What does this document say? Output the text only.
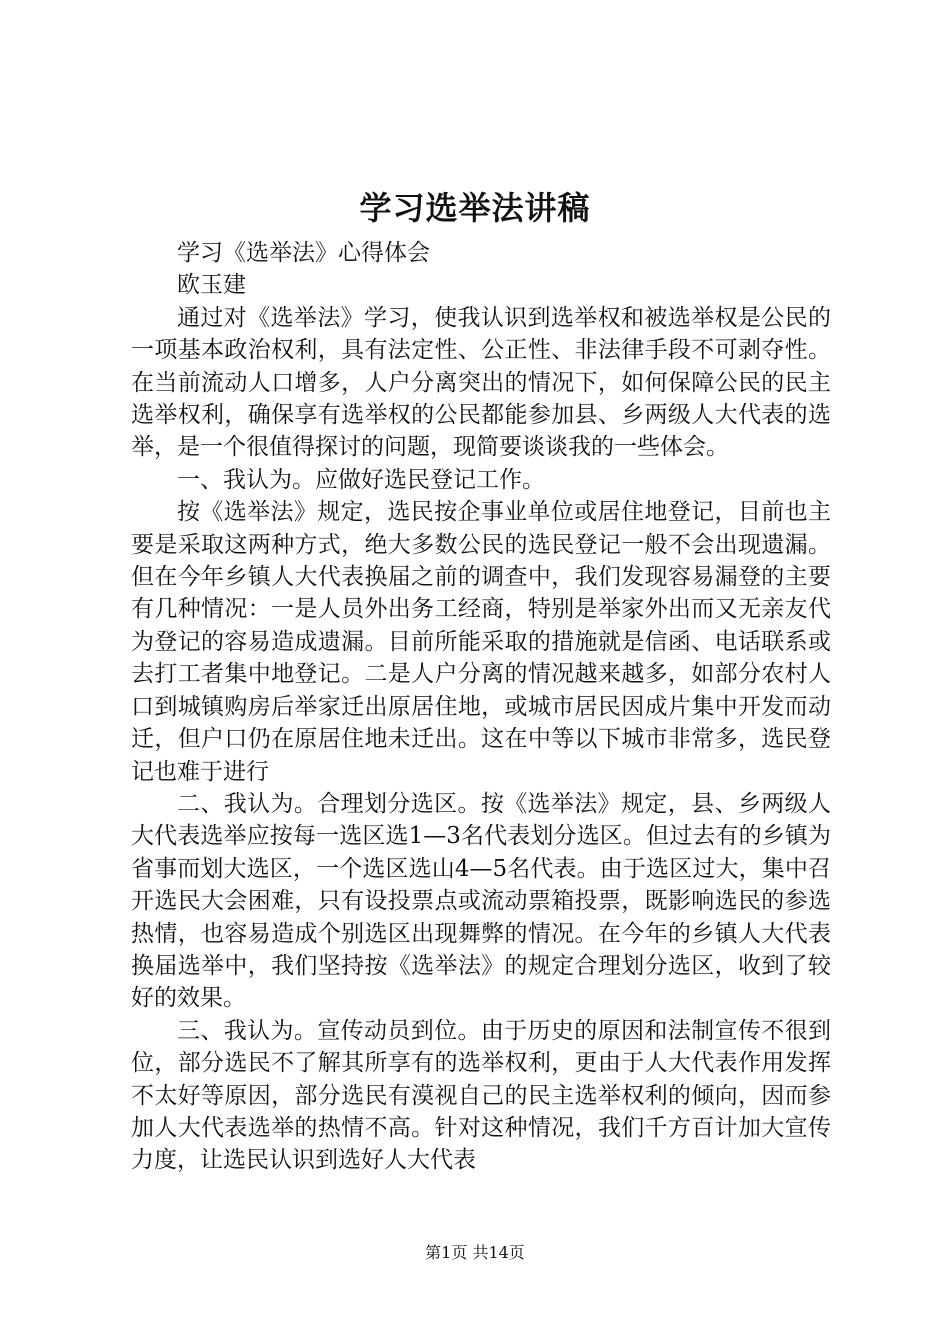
学习选举法讲稿

学习《选举法》心得体会

欧玉建

通过对《选举法》学习，使我认识到选举权和被选举权是公民的一项基本政治权利，具有法定性、公正性、非法律手段不可剥夺性。在当前流动人口增多，人户分离突出的情况下，如何保障公民的民主选举权利，确保享有选举权的公民都能参加县、乡两级人大代表的选举，是一个很值得探讨的问题，现简要谈谈我的一些体会。

一、我认为。应做好选民登记工作。

按《选举法》规定，选民按企事业单位或居住地登记，目前也主要是采取这两种方式，绝大多数公民的选民登记一般不会出现遗漏。但在今年乡镇人大代表换届之前的调查中，我们发现容易漏登的主要有几种情况：一是人员外出务工经商，特别是举家外出而又无亲友代为登记的容易造成遗漏。目前所能采取的措施就是信函、电话联系或去打工者集中地登记。二是人户分离的情况越来越多，如部分农村人口到城镇购房后举家迁出原居住地，或城市居民因成片集中开发而动迁，但户口仍在原居住地未迁出。这在中等以下城市非常多，选民登记也难于进行

二、我认为。合理划分选区。按《选举法》规定，县、乡两级人大代表选举应按每一选区选1—3名代表划分选区。但过去有的乡镇为省事而划大选区，一个选区选山4—5名代表。由于选区过大，集中召开选民大会困难，只有设投票点或流动票箱投票，既影响选民的参选热情，也容易造成个别选区出现舞弊的情况。在今年的乡镇人大代表换届选举中，我们坚持按《选举法》的规定合理划分选区，收到了较好的效果。

三、我认为。宣传动员到位。由于历史的原因和法制宣传不很到位，部分选民不了解其所享有的选举权利，更由于人大代表作用发挥不太好等原因，部分选民有漠视自己的民主选举权利的倾向，因而参加人大代表选举的热情不高。针对这种情况，我们千方百计加大宣传力度，让选民认识到选好人大代表

第1页 共14页
